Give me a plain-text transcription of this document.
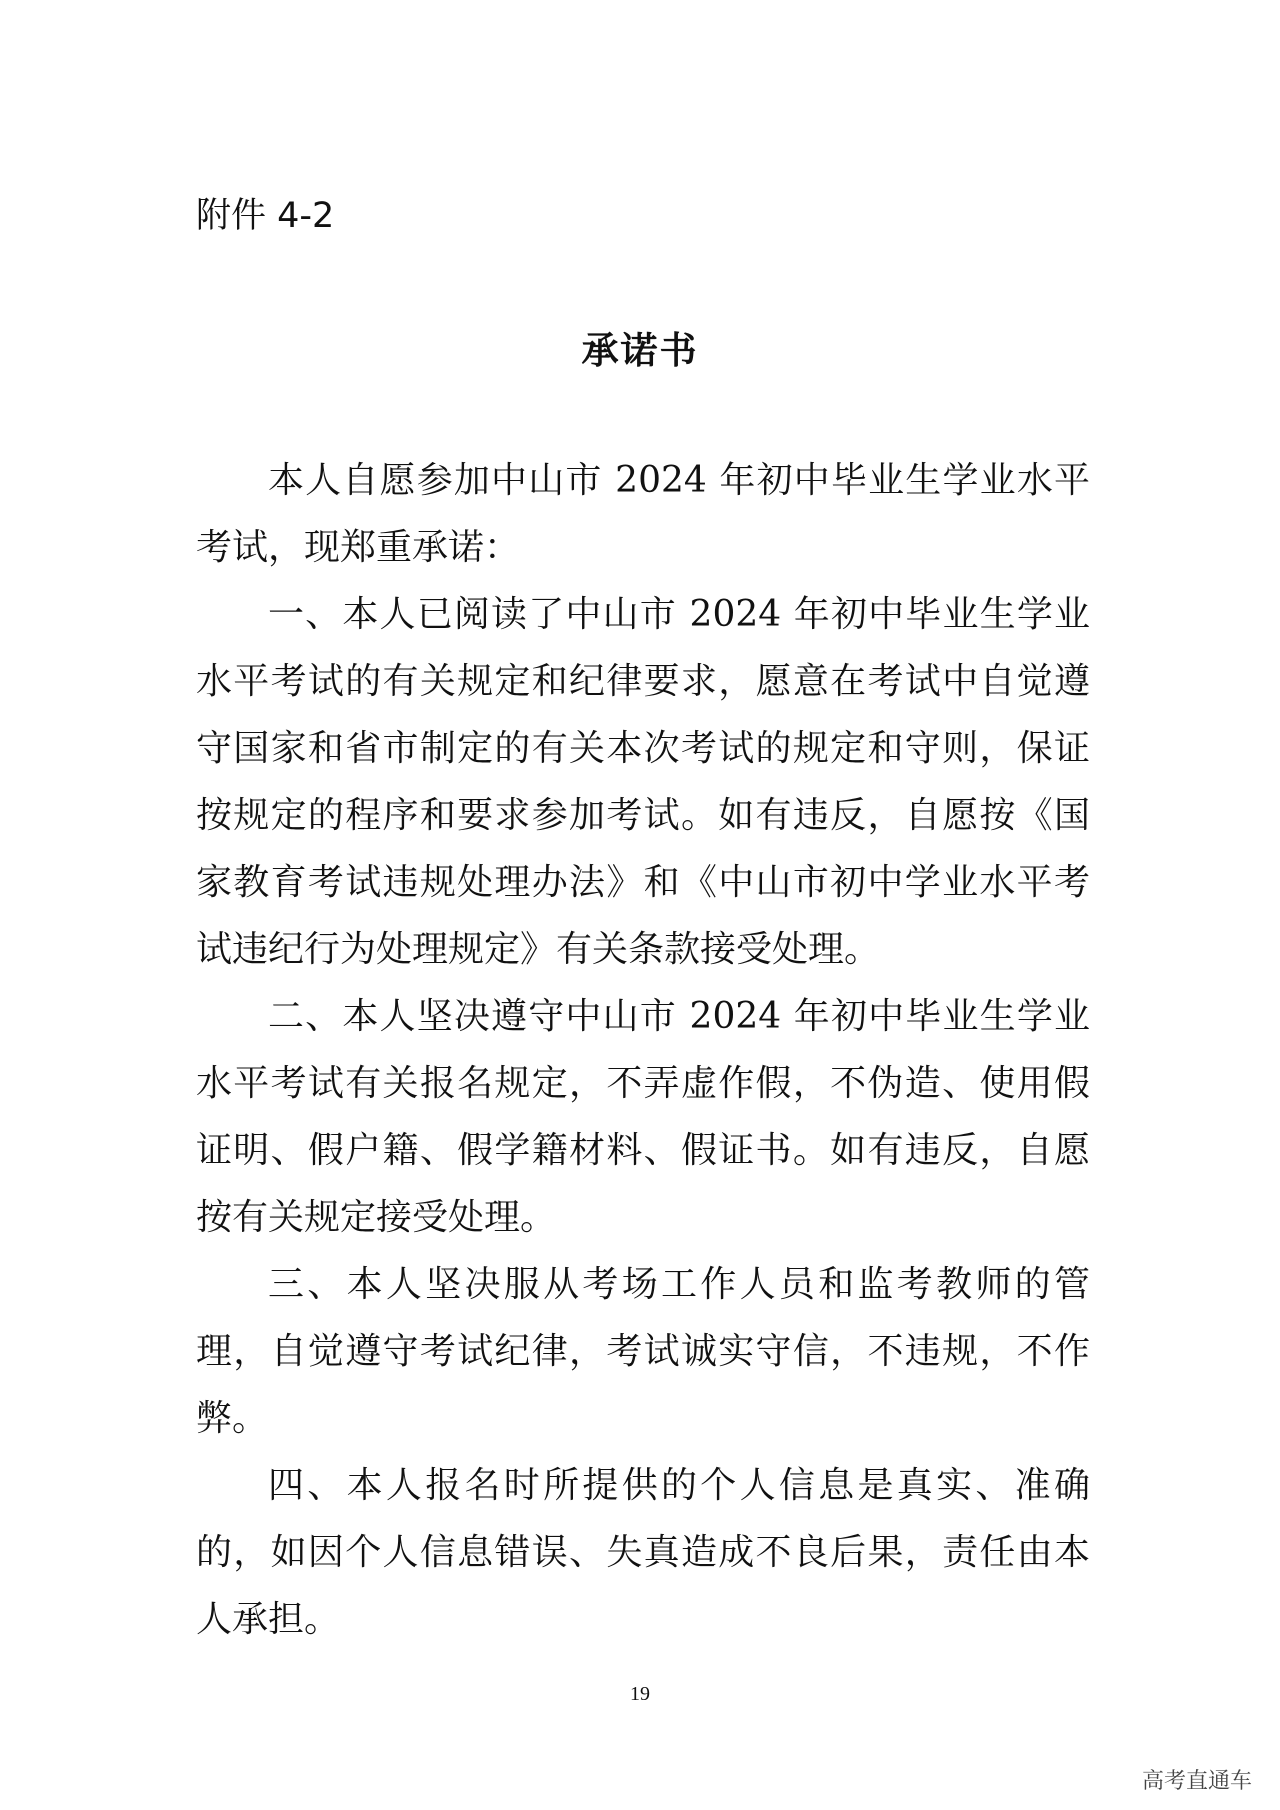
附件 4-2
承诺书

本人自愿参加中山市 2024 年初中毕业生学业水平考试，现郑重承诺：

一、本人已阅读了中山市 2024 年初中毕业生学业水平考试的有关规定和纪律要求，愿意在考试中自觉遵守国家和省市制定的有关本次考试的规定和守则，保证按规定的程序和要求参加考试。如有违反，自愿按《国家教育考试违规处理办法》和《中山市初中学业水平考试违纪行为处理规定》有关条款接受处理。

二、本人坚决遵守中山市 2024 年初中毕业生学业水平考试有关报名规定，不弄虚作假，不伪造、使用假证明、假户籍、假学籍材料、假证书。如有违反，自愿按有关规定接受处理。

三、本人坚决服从考场工作人员和监考教师的管理，自觉遵守考试纪律，考试诚实守信，不违规，不作弊。

四、本人报名时所提供的个人信息是真实、准确的，如因个人信息错误、失真造成不良后果，责任由本人承担。

19
高考直通车
